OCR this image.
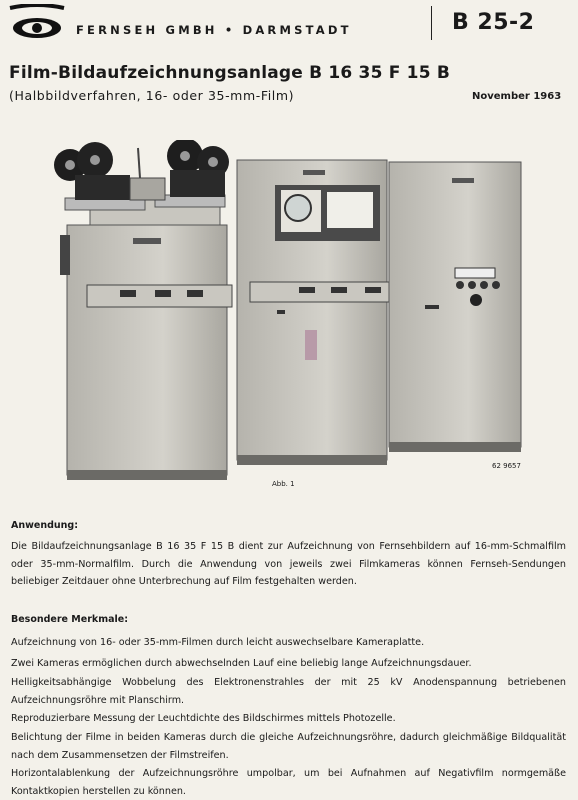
FERNSEH GMBH • DARMSTADT	B 25-2
Film-Bildaufzeichnungsanlage B 16 35 F 15 B
(Halbbildverfahren, 16- oder 35-mm-Film)	November 1963
Abb. 1
62 9657
Anwendung:
Die Bildaufzeichnungsanlage B 16 35 F 15 B dient zur Aufzeichnung von Fernsehbildern auf 16-mm-Schmalfilm oder 35-mm-Normalfilm. Durch die Anwendung von jeweils zwei Filmkameras können Fernseh-Sendungen beliebiger Zeitdauer ohne Unterbrechung auf Film festgehalten werden.
Besondere Merkmale:
Aufzeichnung von 16- oder 35-mm-Filmen durch leicht auswechselbare Kameraplatte.
Zwei Kameras ermöglichen durch abwechselnden Lauf eine beliebig lange Aufzeichnungsdauer.
Helligkeitsabhängige Wobbelung des Elektronenstrahles der mit 25 kV Anodenspannung betriebenen Aufzeichnungsröhre mit Planschirm.
Reproduzierbare Messung der Leuchtdichte des Bildschirmes mittels Photozelle.
Belichtung der Filme in beiden Kameras durch die gleiche Aufzeichnungsröhre, dadurch gleichmäßige Bildqualität nach dem Zusammensetzen der Filmstreifen.
Horizontalablenkung der Aufzeichnungsröhre umpolbar, um bei Aufnahmen auf Negativfilm normgemäße Kontaktkopien herstellen zu können.
